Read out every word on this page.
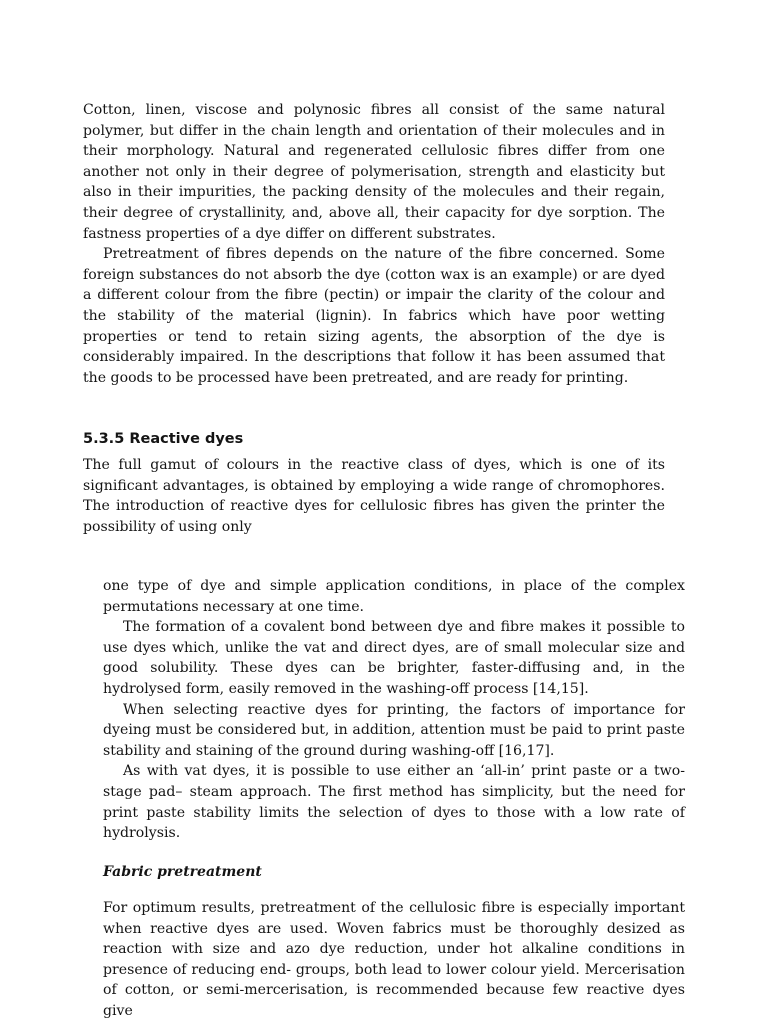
Cotton, linen, viscose and polynosic fibres all consist of the same natural polymer, but differ in the chain length and orientation of their molecules and in their morphology. Natural and regenerated cellulosic fibres differ from one another not only in their degree of polymerisation, strength and elasticity but also in their impurities, the packing density of the molecules and their regain, their degree of crystallinity, and, above all, their capacity for dye sorption. The fastness properties of a dye differ on different substrates.

Pretreatment of fibres depends on the nature of the fibre concerned. Some foreign substances do not absorb the dye (cotton wax is an example) or are dyed a different colour from the fibre (pectin) or impair the clarity of the colour and the stability of the material (lignin). In fabrics which have poor wetting properties or tend to retain sizing agents, the absorption of the dye is considerably impaired. In the descriptions that follow it has been assumed that the goods to be processed have been pretreated, and are ready for printing.

5.3.5 Reactive dyes

The full gamut of colours in the reactive class of dyes, which is one of its significant advantages, is obtained by employing a wide range of chromophores. The introduction of reactive dyes for cellulosic fibres has given the printer the possibility of using only

one type of dye and simple application conditions, in place of the complex permutations necessary at one time.

The formation of a covalent bond between dye and fibre makes it possible to use dyes which, unlike the vat and direct dyes, are of small molecular size and good solubility. These dyes can be brighter, faster-diffusing and, in the hydrolysed form, easily removed in the washing-off process [14,15].

When selecting reactive dyes for printing, the factors of importance for dyeing must be considered but, in addition, attention must be paid to print paste stability and staining of the ground during washing-off [16,17].

As with vat dyes, it is possible to use either an ‘all-in’ print paste or a two-stage pad– steam approach. The first method has simplicity, but the need for print paste stability limits the selection of dyes to those with a low rate of hydrolysis.

Fabric pretreatment

For optimum results, pretreatment of the cellulosic fibre is especially important when reactive dyes are used. Woven fabrics must be thoroughly desized as reaction with size and azo dye reduction, under hot alkaline conditions in presence of reducing end- groups, both lead to lower colour yield. Mercerisation of cotton, or semi-mercerisation, is recommended because few reactive dyes give
